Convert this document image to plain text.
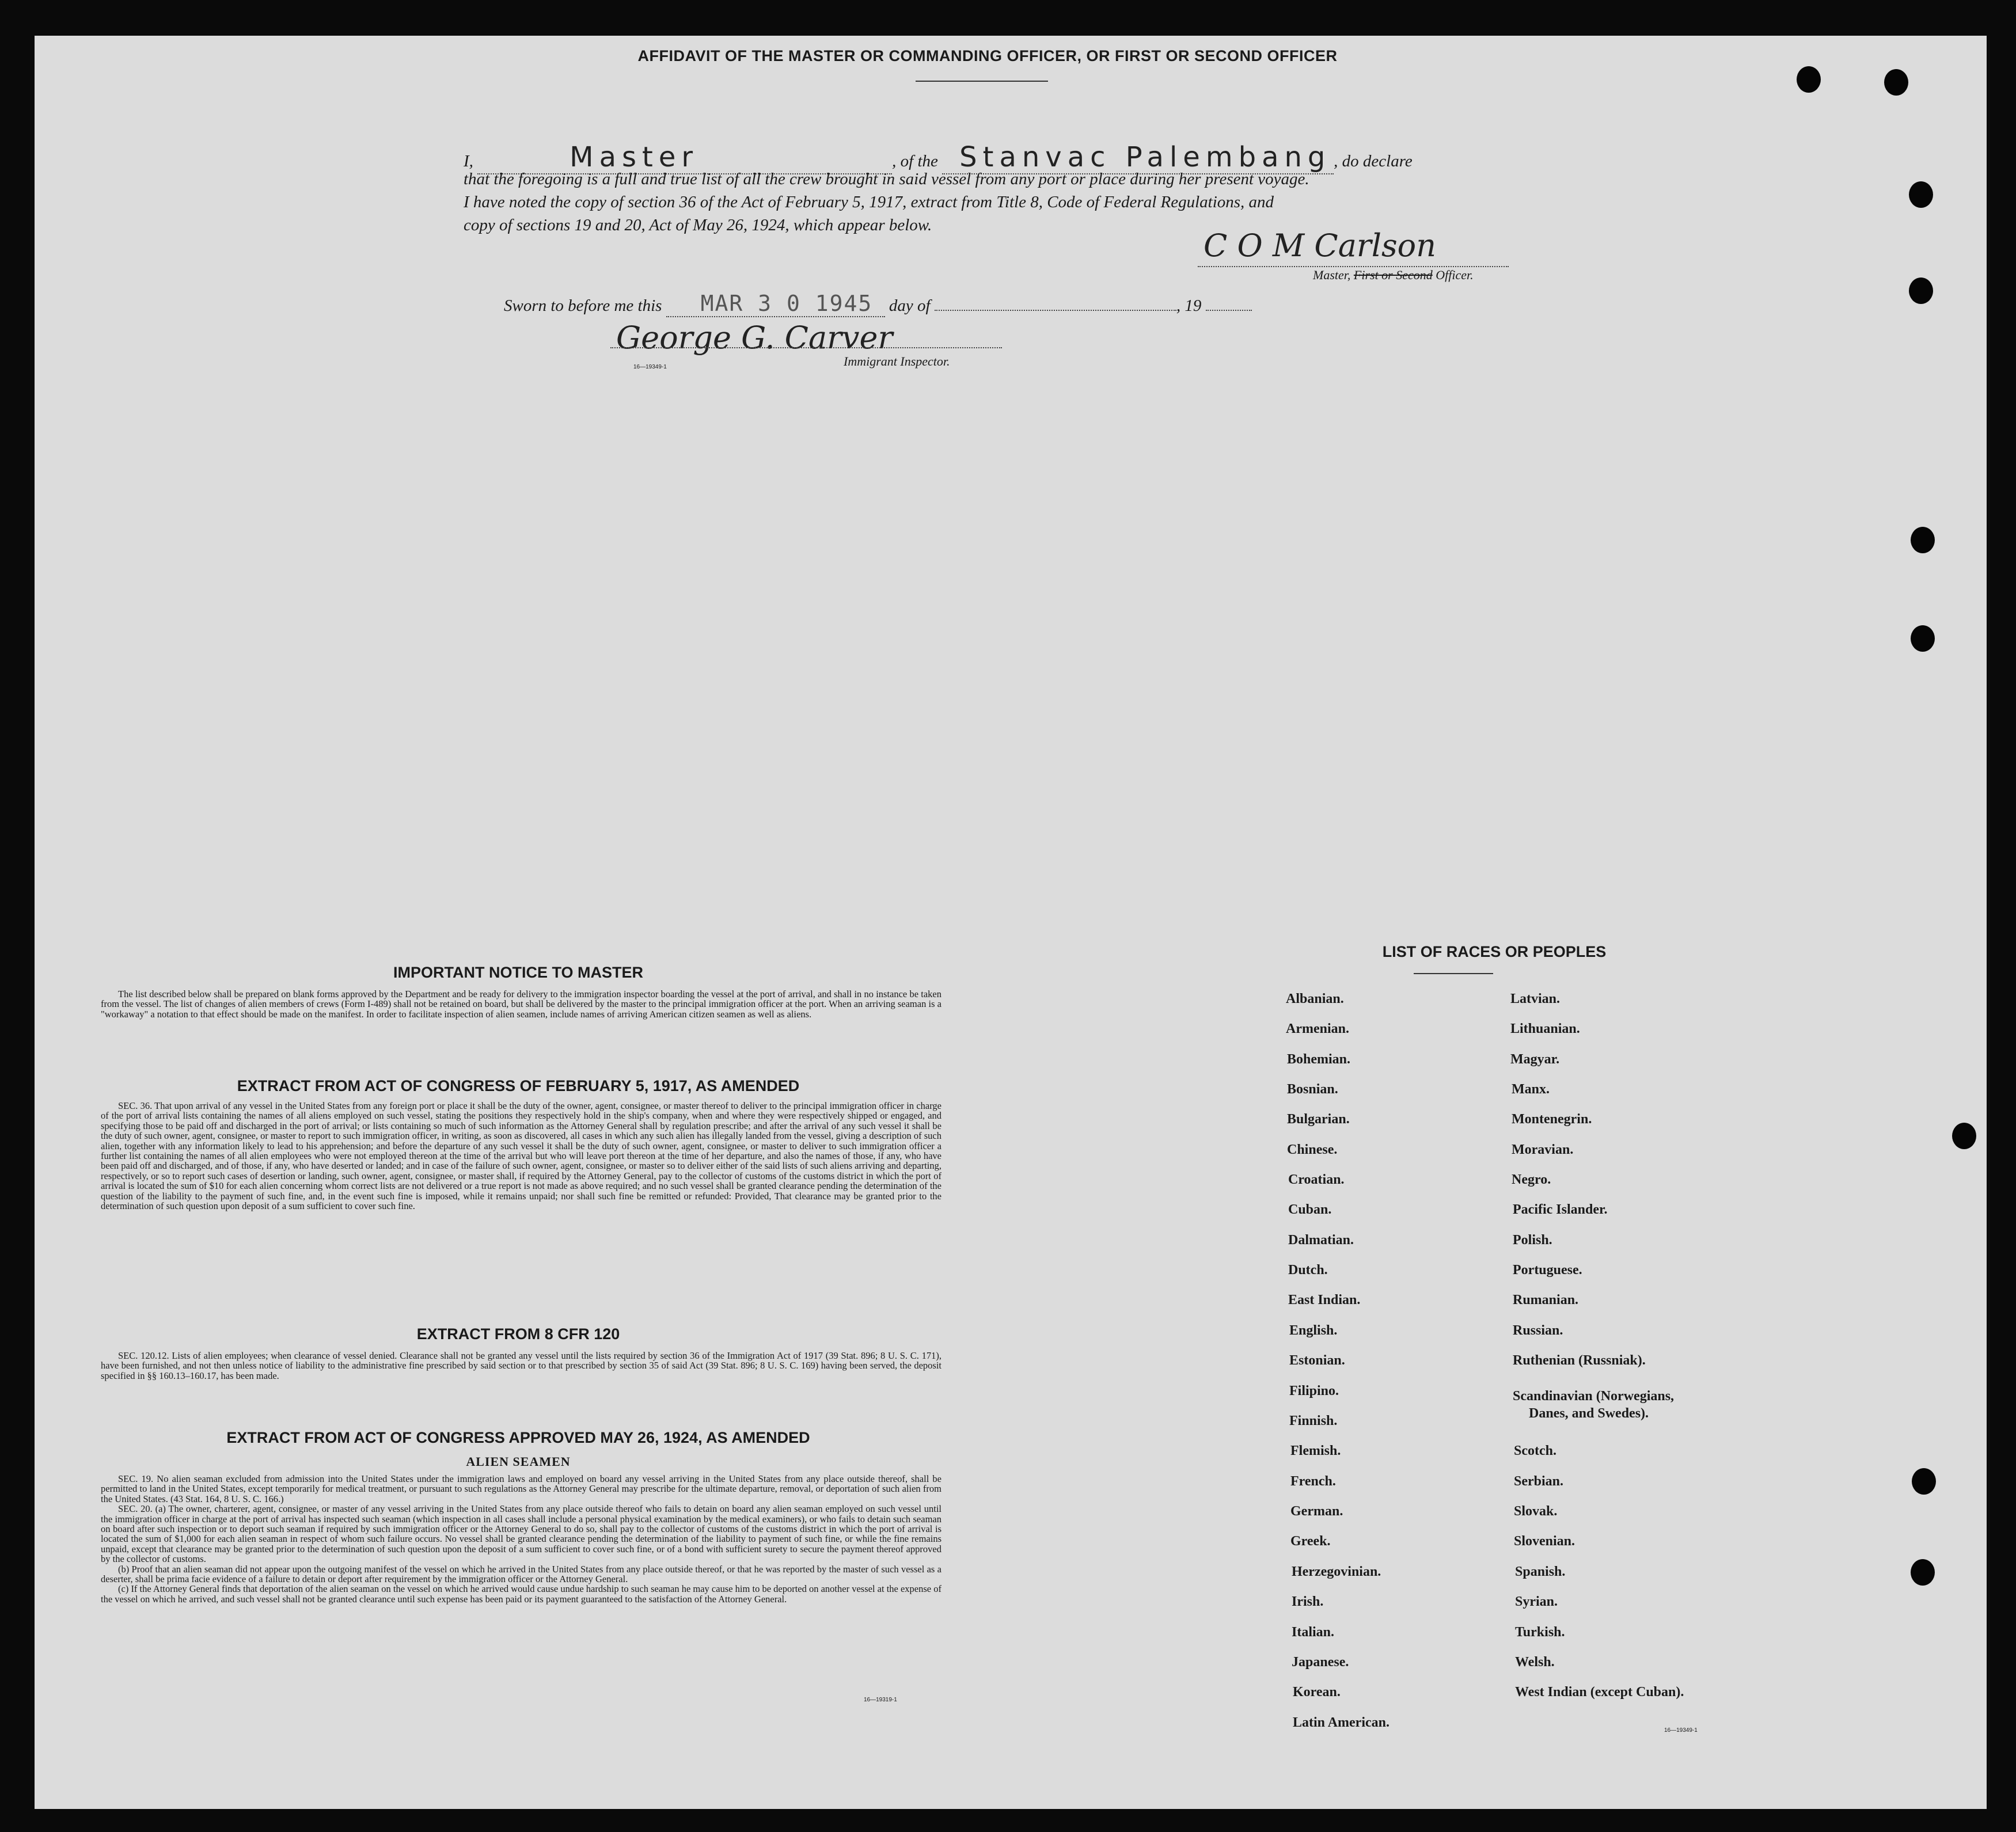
AFFIDAVIT OF THE MASTER OR COMMANDING OFFICER, OR FIRST OR SECOND OFFICER
I,	Master	, of the Stanvac Palembang , do declare
that the foregoing is a full and true list of all the crew brought in said vessel from any port or place during her present voyage.
I have noted the copy of section 36 of the Act of February 5, 1917, extract from Title 8, Code of Federal Regulations, and
copy of sections 19 and 20, Act of May 26, 1924, which appear below.
C O M Carlson
Master, First or Second Officer.
Sworn to before me this MAR 3 0 1945 day of	, 19
George G. Carver
16—19349-1	Immigrant Inspector.
IMPORTANT NOTICE TO MASTER

The list described below shall be prepared on blank forms approved by the Department and be ready for delivery to the immigration inspector boarding the vessel at the port of arrival, and shall in no instance be taken from the vessel. The list of changes of alien members of crews (Form I-489) shall not be retained on board, but shall be delivered by the master to the principal immigration officer at the port. When an arriving seaman is a "workaway" a notation to that effect should be made on the manifest. In order to facilitate inspection of alien seamen, include names of arriving American citizen seamen as well as aliens.

EXTRACT FROM ACT OF CONGRESS OF FEBRUARY 5, 1917, AS AMENDED

SEC. 36. That upon arrival of any vessel in the United States from any foreign port or place it shall be the duty of the owner, agent, consignee, or master thereof to deliver to the principal immigration officer in charge of the port of arrival lists containing the names of all aliens employed on such vessel, stating the positions they respectively hold in the ship's company, when and where they were respectively shipped or engaged, and specifying those to be paid off and discharged in the port of arrival; or lists containing so much of such information as the Attorney General shall by regulation prescribe; and after the arrival of any such vessel it shall be the duty of such owner, agent, consignee, or master to report to such immigration officer, in writing, as soon as discovered, all cases in which any such alien has illegally landed from the vessel, giving a description of such alien, together with any information likely to lead to his apprehension; and before the departure of any such vessel it shall be the duty of such owner, agent, consignee, or master to deliver to such immigration officer a further list containing the names of all alien employees who were not employed thereon at the time of the arrival but who will leave port thereon at the time of her departure, and also the names of those, if any, who have been paid off and discharged, and of those, if any, who have deserted or landed; and in case of the failure of such owner, agent, consignee, or master so to deliver either of the said lists of such aliens arriving and departing, respectively, or so to report such cases of desertion or landing, such owner, agent, consignee, or master shall, if required by the Attorney General, pay to the collector of customs of the customs district in which the port of arrival is located the sum of $10 for each alien concerning whom correct lists are not delivered or a true report is not made as above required; and no such vessel shall be granted clearance pending the determination of the question of the liability to the payment of such fine, and, in the event such fine is imposed, while it remains unpaid; nor shall such fine be remitted or refunded: Provided, That clearance may be granted prior to the determination of such question upon deposit of a sum sufficient to cover such fine.

EXTRACT FROM 8 CFR 120

SEC. 120.12. Lists of alien employees; when clearance of vessel denied. Clearance shall not be granted any vessel until the lists required by section 36 of the Immigration Act of 1917 (39 Stat. 896; 8 U. S. C. 171), have been furnished, and not then unless notice of liability to the administrative fine prescribed by said section or to that prescribed by section 35 of said Act (39 Stat. 896; 8 U. S. C. 169) having been served, the deposit specified in §§ 160.13–160.17, has been made.

EXTRACT FROM ACT OF CONGRESS APPROVED MAY 26, 1924, AS AMENDED
ALIEN SEAMEN

SEC. 19. No alien seaman excluded from admission into the United States under the immigration laws and employed on board any vessel arriving in the United States from any place outside thereof, shall be permitted to land in the United States, except temporarily for medical treatment, or pursuant to such regulations as the Attorney General may prescribe for the ultimate departure, removal, or deportation of such alien from the United States. (43 Stat. 164, 8 U. S. C. 166.)

SEC. 20. (a) The owner, charterer, agent, consignee, or master of any vessel arriving in the United States from any place outside thereof who fails to detain on board any alien seaman employed on such vessel until the immigration officer in charge at the port of arrival has inspected such seaman (which inspection in all cases shall include a personal physical examination by the medical examiners), or who fails to detain such seaman on board after such inspection or to deport such seaman if required by such immigration officer or the Attorney General to do so, shall pay to the collector of customs of the customs district in which the port of arrival is located the sum of $1,000 for each alien seaman in respect of whom such failure occurs. No vessel shall be granted clearance pending the determination of the liability to payment of such fine, or while the fine remains unpaid, except that clearance may be granted prior to the determination of such question upon the deposit of a sum sufficient to cover such fine, or of a bond with sufficient surety to secure the payment thereof approved by the collector of customs.

(b) Proof that an alien seaman did not appear upon the outgoing manifest of the vessel on which he arrived in the United States from any place outside thereof, or that he was reported by the master of such vessel as a deserter, shall be prima facie evidence of a failure to detain or deport after requirement by the immigration officer or the Attorney General.

(c) If the Attorney General finds that deportation of the alien seaman on the vessel on which he arrived would cause undue hardship to such seaman he may cause him to be deported on another vessel at the expense of the vessel on which he arrived, and such vessel shall not be granted clearance until such expense has been paid or its payment guaranteed to the satisfaction of the Attorney General.

16—19319-1
LIST OF RACES OR PEOPLES
Albanian.
Armenian.
Bohemian.
Bosnian.
Bulgarian.
Chinese.
Croatian.
Cuban.
Dalmatian.
Dutch.
East Indian.
English.
Estonian.
Filipino.
Finnish.
Flemish.
French.
German.
Greek.
Herzegovinian.
Irish.
Italian.
Japanese.
Korean.
Latin American.
Latvian.
Lithuanian.
Magyar.
Manx.
Montenegrin.
Moravian.
Negro.
Pacific Islander.
Polish.
Portuguese.
Rumanian.
Russian.
Ruthenian (Russniak).
Scandinavian (Norwegians,
Danes, and Swedes).
Scotch.
Serbian.
Slovak.
Slovenian.
Spanish.
Syrian.
Turkish.
Welsh.
West Indian (except Cuban).
16—19349-1
